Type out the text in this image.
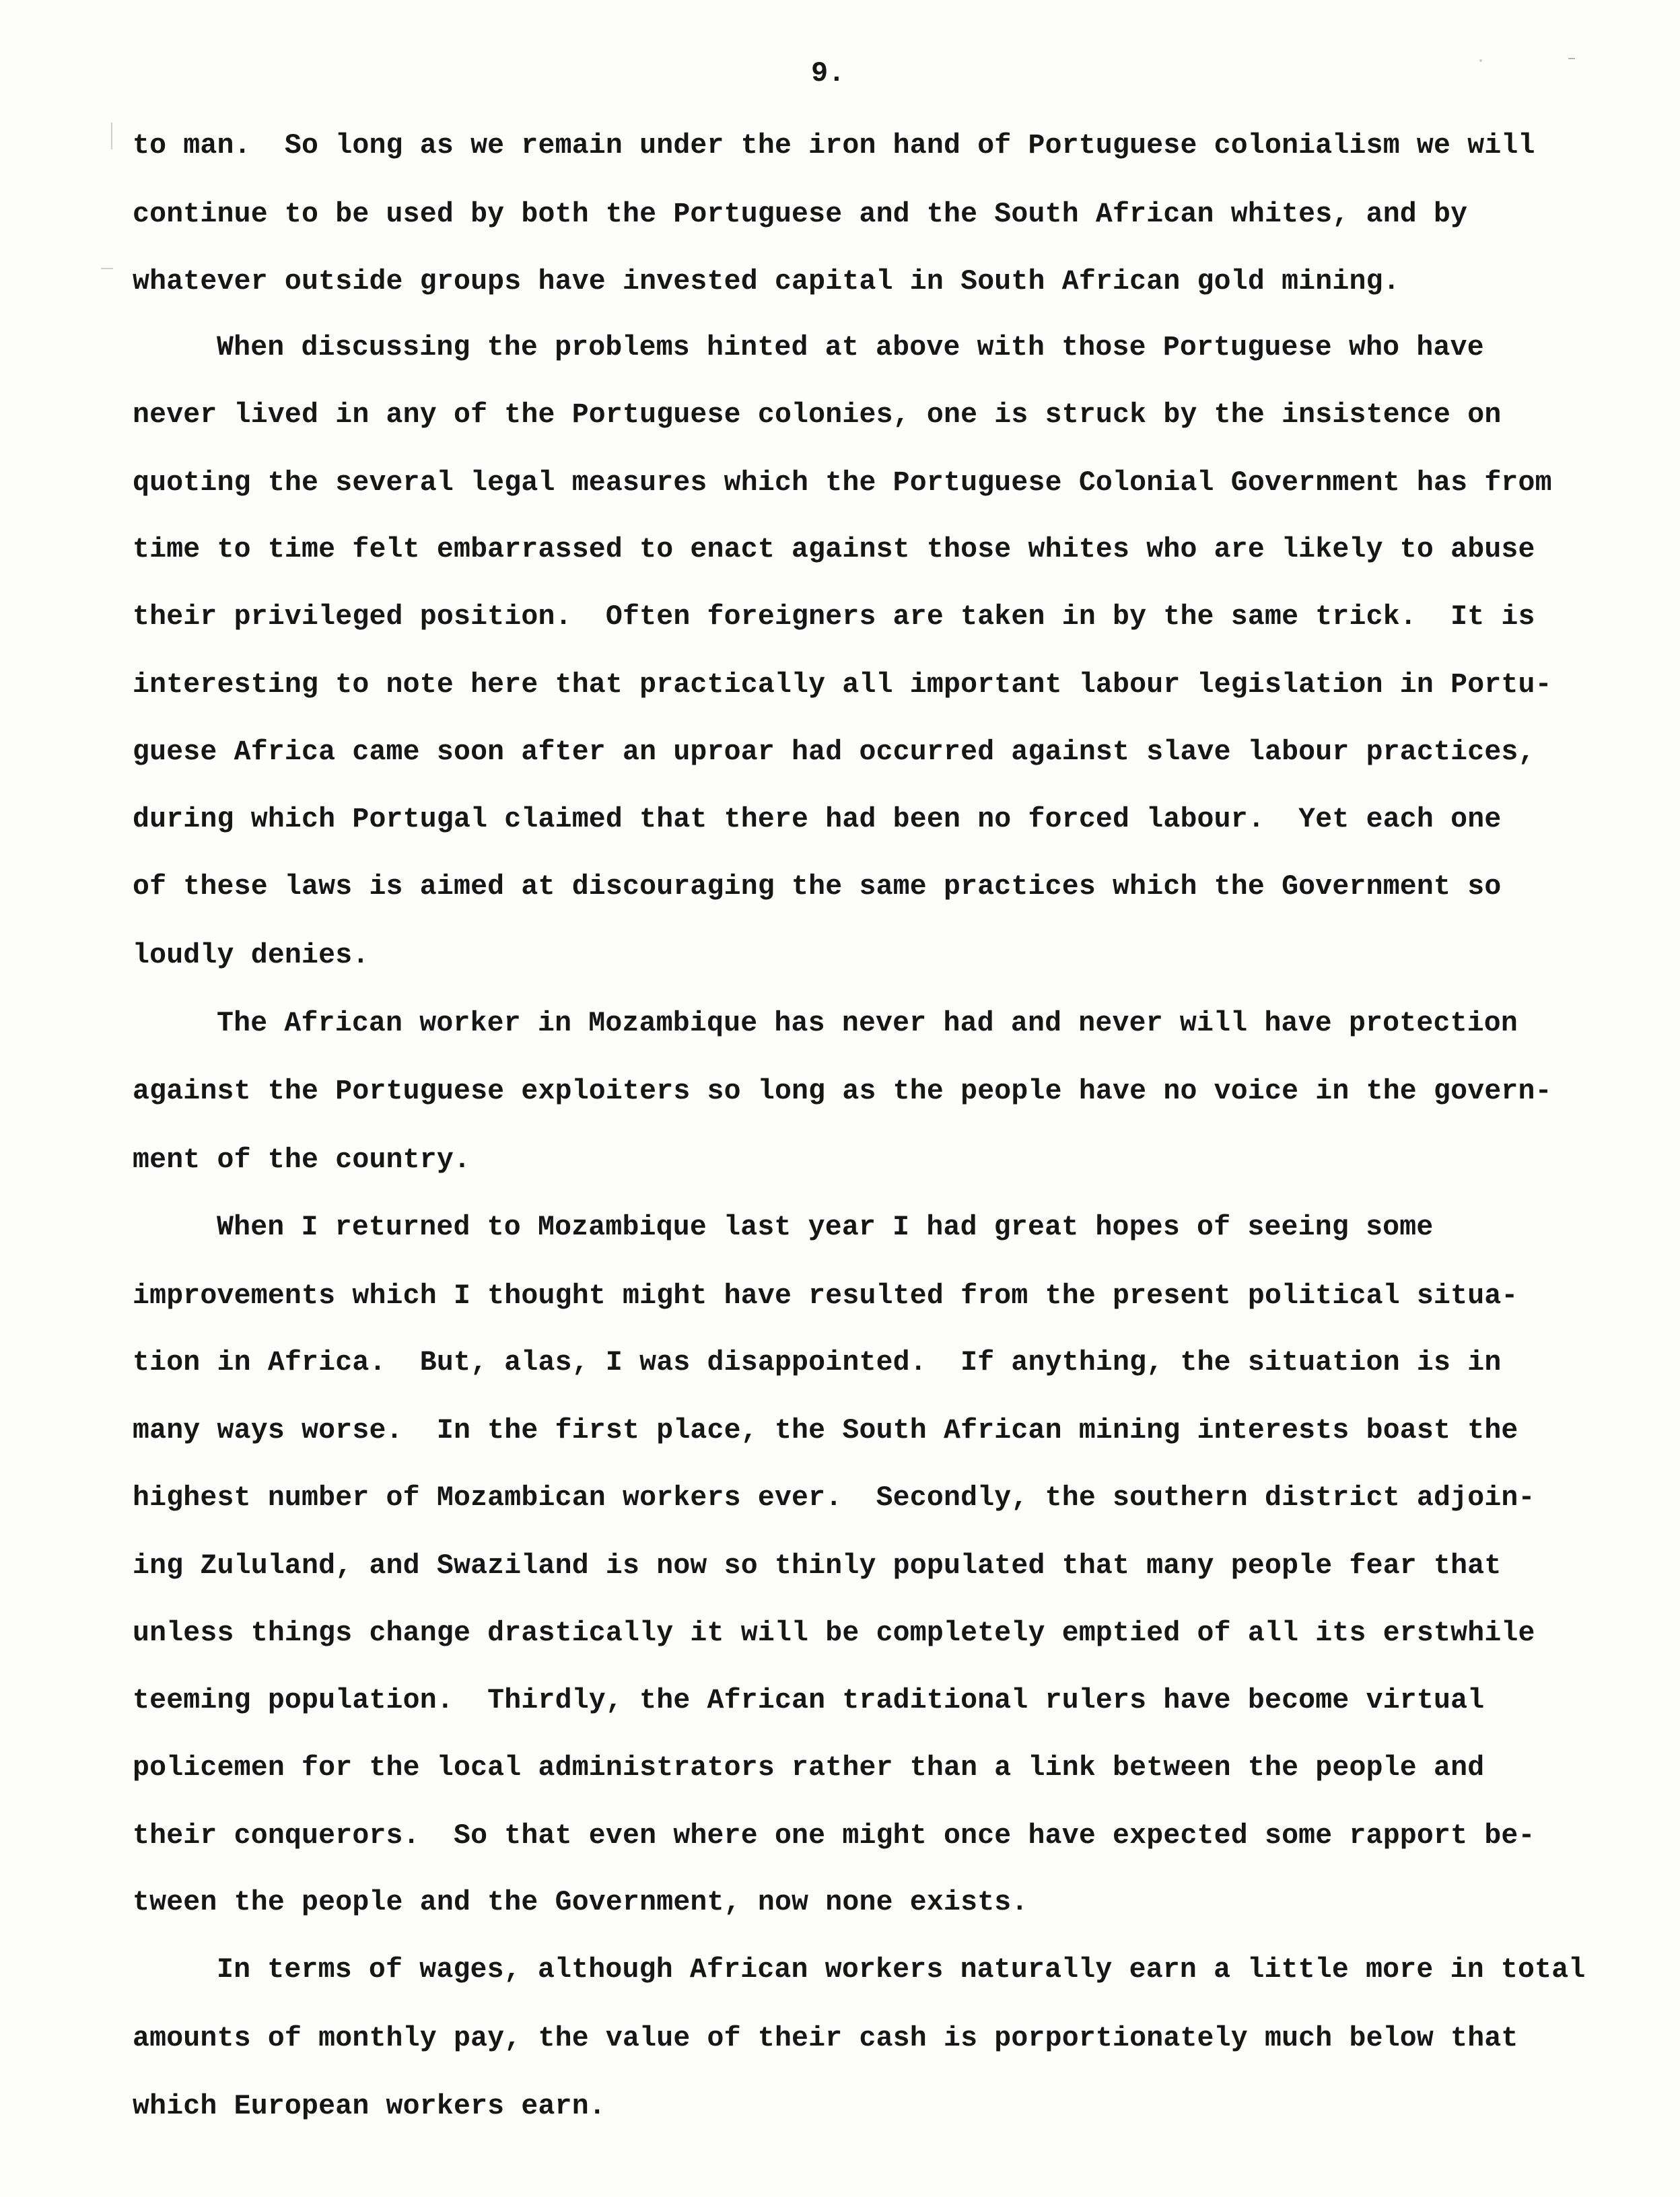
9.
to man.  So long as we remain under the iron hand of Portuguese colonialism we will
continue to be used by both the Portuguese and the South African whites, and by
whatever outside groups have invested capital in South African gold mining.
When discussing the problems hinted at above with those Portuguese who have
never lived in any of the Portuguese colonies, one is struck by the insistence on
quoting the several legal measures which the Portuguese Colonial Government has from
time to time felt embarrassed to enact against those whites who are likely to abuse
their privileged position.  Often foreigners are taken in by the same trick.  It is
interesting to note here that practically all important labour legislation in Portu-
guese Africa came soon after an uproar had occurred against slave labour practices,
during which Portugal claimed that there had been no forced labour.  Yet each one
of these laws is aimed at discouraging the same practices which the Government so
loudly denies.
The African worker in Mozambique has never had and never will have protection
against the Portuguese exploiters so long as the people have no voice in the govern-
ment of the country.
When I returned to Mozambique last year I had great hopes of seeing some
improvements which I thought might have resulted from the present political situa-
tion in Africa.  But, alas, I was disappointed.  If anything, the situation is in
many ways worse.  In the first place, the South African mining interests boast the
highest number of Mozambican workers ever.  Secondly, the southern district adjoin-
ing Zululand, and Swaziland is now so thinly populated that many people fear that
unless things change drastically it will be completely emptied of all its erstwhile
teeming population.  Thirdly, the African traditional rulers have become virtual
policemen for the local administrators rather than a link between the people and
their conquerors.  So that even where one might once have expected some rapport be-
tween the people and the Government, now none exists.
In terms of wages, although African workers naturally earn a little more in total
amounts of monthly pay, the value of their cash is porportionately much below that
which European workers earn.
